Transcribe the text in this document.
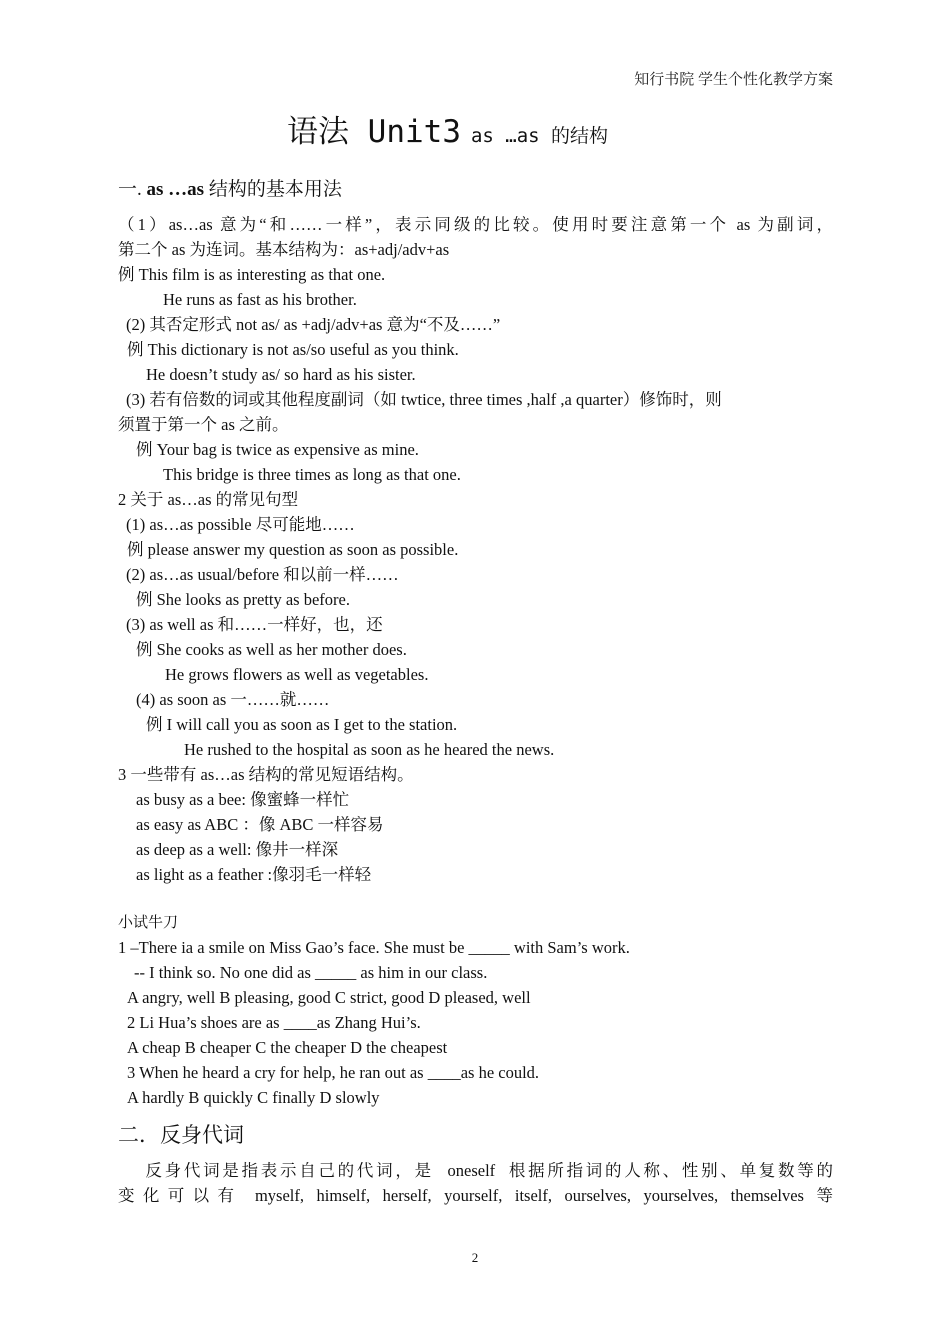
知行书院 学生个性化教学方案
语法 Unit3 as …as 的结构
一. as …as 结构的基本用法
（1）as…as 意为“和……一样”，表示同级的比较。使用时要注意第一个 as 为副词，
第二个 as 为连词。基本结构为：as+adj/adv+as
例 This film is as interesting as that one.
He runs as fast as his brother.
(2) 其否定形式 not as/ as +adj/adv+as 意为“不及……”
例 This dictionary is not as/so useful as you think.
He doesn’t study as/ so hard as his sister.
(3) 若有倍数的词或其他程度副词（如 twtice, three times ,half ,a quarter）修饰时，则
须置于第一个 as 之前。
例 Your bag is twice as expensive as mine.
This bridge is three times as long as that one.
2 关于 as…as 的常见句型
(1) as…as possible 尽可能地……
例 please answer my question as soon as possible.
(2) as…as usual/before 和以前一样……
例 She looks as pretty as before.
(3) as well as 和……一样好，也，还
例 She cooks as well as her mother does.
He grows flowers as well as vegetables.
(4) as soon as 一……就……
例 I will call you as soon as I get to the station.
He rushed to the hospital as soon as he heared the news.
3 一些带有 as…as 结构的常见短语结构。
as busy as a bee: 像蜜蜂一样忙
as easy as ABC ：像 ABC 一样容易
as deep as a well: 像井一样深
as light as a feather :像羽毛一样轻
小试牛刀
1 –There ia a smile on Miss Gao’s face. She must be _____ with Sam’s work.
-- I think so. No one did as _____ as him in our class.
A angry, well B pleasing, good C strict, good D pleased, well
2 Li Hua’s shoes are as ____as Zhang Hui’s.
A cheap B cheaper C the cheaper D the cheapest
3 When he heard a cry for help, he ran out as ____as he could.
A hardly B quickly C finally D slowly
二．反身代词
反身代词是指表示自己的代词，是  oneself  根据所指词的人称、性别、单复数等的
变化可以有 myself, himself, herself, yourself, itself, ourselves, yourselves, themselves 等
2
